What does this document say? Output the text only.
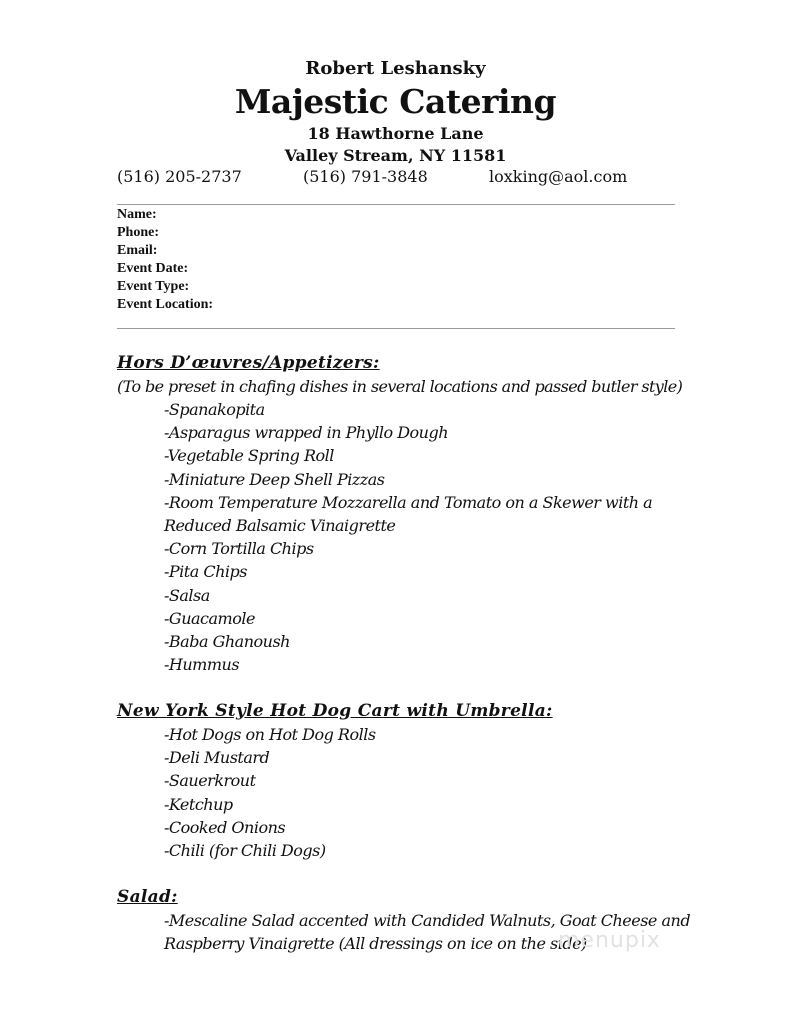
Robert Leshansky
Majestic Catering
18 Hawthorne Lane
Valley Stream, NY 11581
(516) 205-2737	(516) 791-3848	loxking@aol.com
Name:
Phone:
Email:
Event Date:
Event Type:
Event Location:
Hors D’œuvres/Appetizers:
(To be preset in chafing dishes in several locations and passed butler style)
-Spanakopita
-Asparagus wrapped in Phyllo Dough
-Vegetable Spring Roll
-Miniature Deep Shell Pizzas
-Room Temperature Mozzarella and Tomato on a Skewer with a
Reduced Balsamic Vinaigrette
-Corn Tortilla Chips
-Pita Chips
-Salsa
-Guacamole
-Baba Ghanoush
-Hummus
New York Style Hot Dog Cart with Umbrella:
-Hot Dogs on Hot Dog Rolls
-Deli Mustard
-Sauerkrout
-Ketchup
-Cooked Onions
-Chili (for Chili Dogs)
Salad:
-Mescaline Salad accented with Candided Walnuts, Goat Cheese and
Raspberry Vinaigrette (All dressings on ice on the side)
menupix
